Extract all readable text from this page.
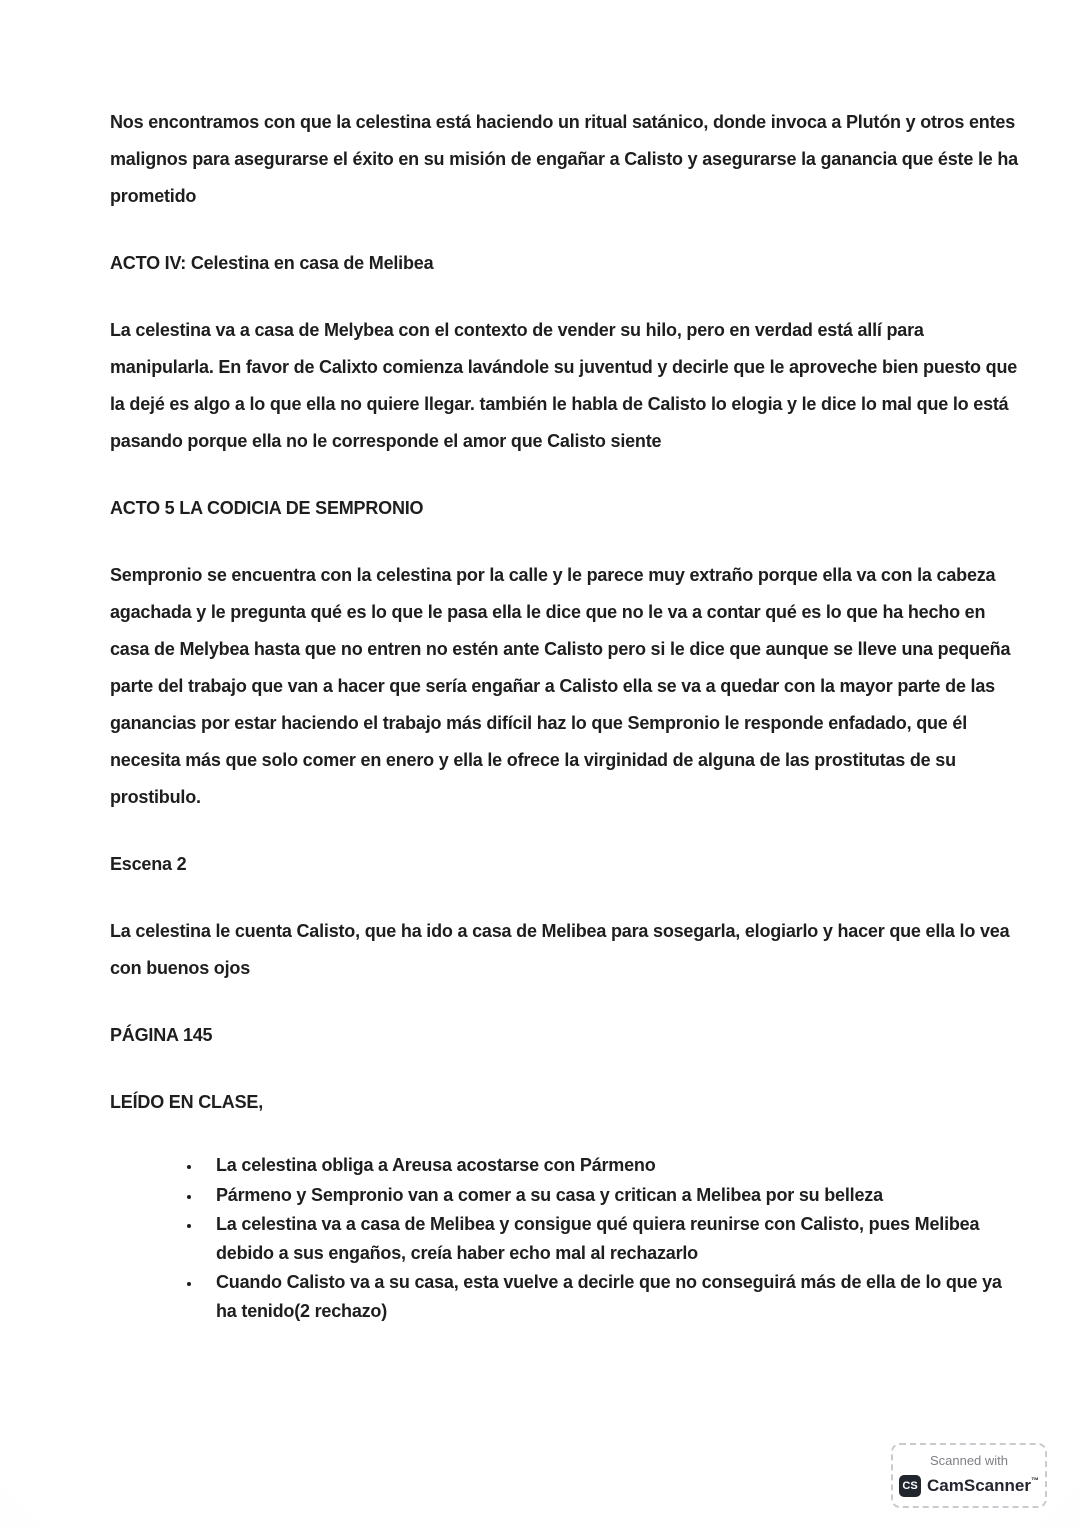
Nos encontramos con que la celestina está haciendo un ritual satánico, donde invoca a Plutón y otros entes malignos para asegurarse el éxito en su misión de engañar a Calisto y asegurarse la ganancia que éste le ha prometido

ACTO IV: Celestina en casa de Melibea

La celestina va a casa de Melybea con el contexto de vender su hilo, pero en verdad está allí para manipularla. En favor de Calixto comienza lavándole su juventud y decirle que le aproveche bien puesto que la dejé es algo a lo que ella no quiere llegar. también le habla de Calisto lo elogia y le dice lo mal que lo está pasando porque ella no le corresponde el amor que Calisto siente

ACTO 5 LA CODICIA DE SEMPRONIO

Sempronio se encuentra con la celestina por la calle y le parece muy extraño porque ella va con la cabeza agachada y le pregunta qué es lo que le pasa ella le dice que no le va a contar qué es lo que ha hecho en casa de Melybea hasta que no entren no estén ante Calisto pero si le dice que aunque se lleve una pequeña parte del trabajo que van a hacer que sería engañar a Calisto ella se va a quedar con la mayor parte de las ganancias por estar haciendo el trabajo más difícil haz lo que Sempronio le responde enfadado, que él necesita más que solo comer en enero y ella le ofrece la virginidad de alguna de las prostitutas de su prostibulo.

Escena 2

La celestina le cuenta Calisto, que ha ido a casa de Melibea para sosegarla, elogiarlo y hacer que ella lo vea con buenos ojos

PÁGINA 145
LEÍDO EN CLASE,
• La celestina obliga a Areusa acostarse con Pármeno
• Pármeno y Sempronio van a comer a su casa y critican a Melibea por su belleza
• La celestina va a casa de Melibea y consigue qué quiera reunirse con Calisto, pues Melibea debido a sus engaños, creía haber echo mal al rechazarlo
• Cuando Calisto va a su casa, esta vuelve a decirle que no conseguirá más de ella de lo que ya ha tenido(2 rechazo)
Scanned with
CS CamScanner™
